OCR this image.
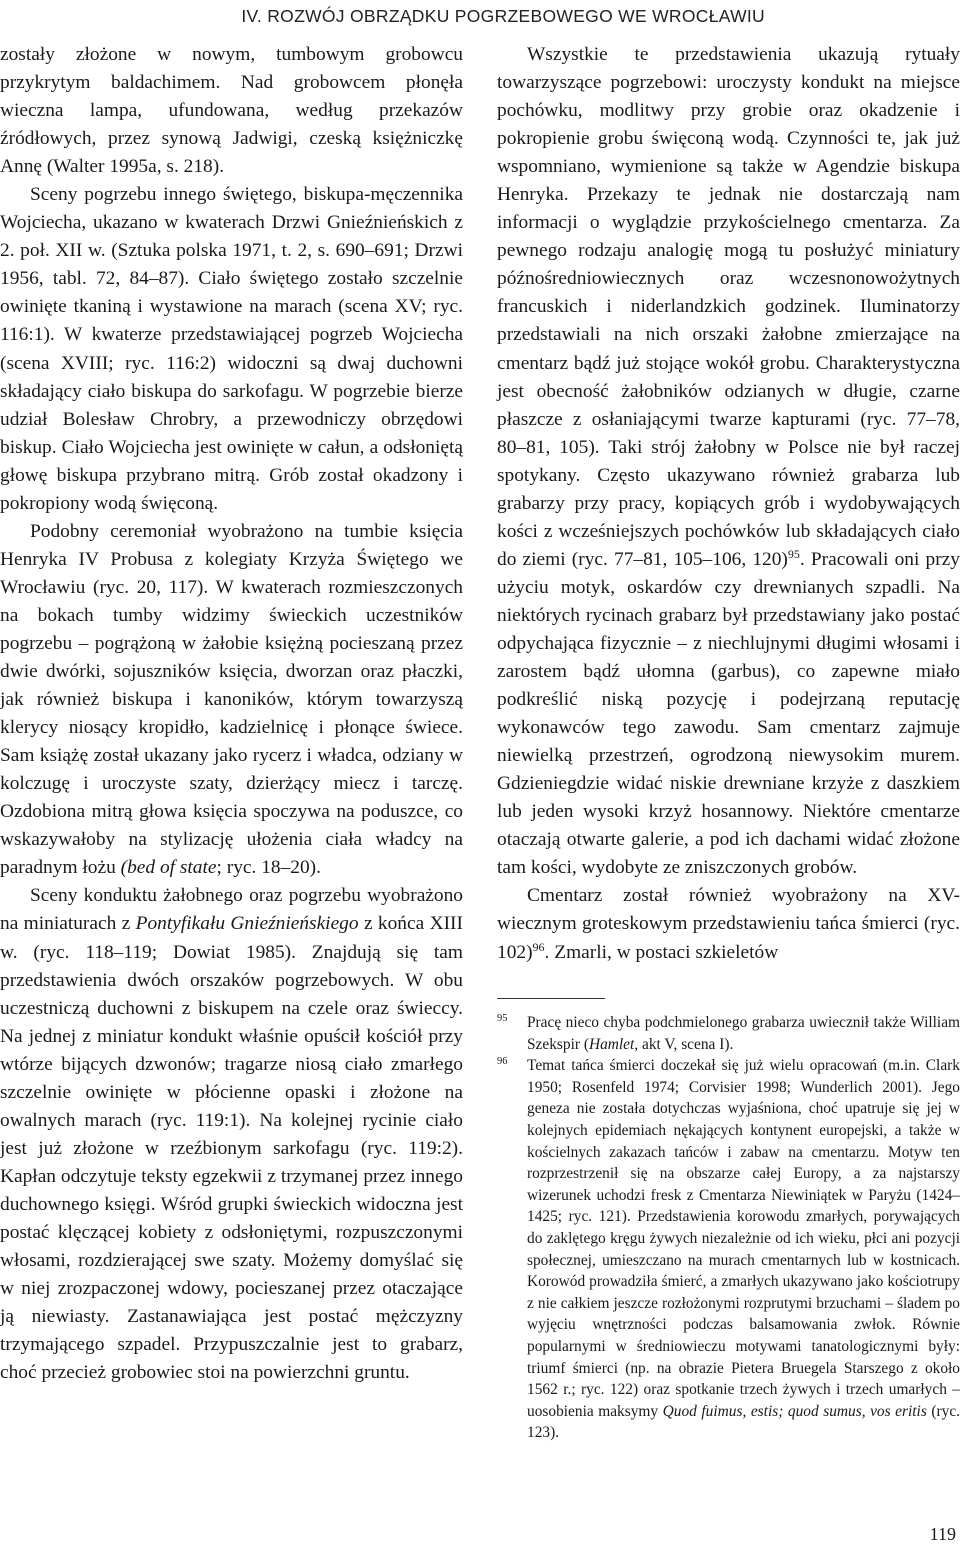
IV. ROZWÓJ OBRZĄDKU POGRZEBOWEGO WE WROCŁAWIU

zostały złożone w nowym, tumbowym grobowcu przykrytym baldachimem. Nad grobowcem płonęła wieczna lampa, ufundowana, według przekazów źródłowych, przez synową Jadwigi, czeską księżniczkę Annę (Walter 1995a, s. 218).

Sceny pogrzebu innego świętego, biskupa-męczennika Wojciecha, ukazano w kwaterach Drzwi Gnieźnieńskich z 2. poł. XII w. (Sztuka polska 1971, t. 2, s. 690–691; Drzwi 1956, tabl. 72, 84–87). Ciało świętego zostało szczelnie owinięte tkaniną i wystawione na marach (scena XV; ryc. 116:1). W kwaterze przedstawiającej pogrzeb Wojciecha (scena XVIII; ryc. 116:2) widoczni są dwaj duchowni składający ciało biskupa do sarkofagu. W pogrzebie bierze udział Bolesław Chrobry, a przewodniczy obrzędowi biskup. Ciało Wojciecha jest owinięte w całun, a odsłoniętą głowę biskupa przybrano mitrą. Grób został okadzony i pokropiony wodą święconą.

Podobny ceremoniał wyobrażono na tumbie księcia Henryka IV Probusa z kolegiaty Krzyża Świętego we Wrocławiu (ryc. 20, 117). W kwaterach rozmieszczonych na bokach tumby widzimy świeckich uczestników pogrzebu – pogrążoną w żałobie księżną pocieszaną przez dwie dwórki, sojuszników księcia, dworzan oraz płaczki, jak również biskupa i kanoników, którym towarzyszą klerycy niosący kropidło, kadzielnicę i płonące świece. Sam książę został ukazany jako rycerz i władca, odziany w kolczugę i uroczyste szaty, dzierżący miecz i tarczę. Ozdobiona mitrą głowa księcia spoczywa na poduszce, co wskazywałoby na stylizację ułożenia ciała władcy na paradnym łożu (bed of state; ryc. 18–20).

Sceny konduktu żałobnego oraz pogrzebu wyobrażono na miniaturach z Pontyfikału Gnieźnieńskiego z końca XIII w. (ryc. 118–119; Dowiat 1985). Znajdują się tam przedstawienia dwóch orszaków pogrzebowych. W obu uczestniczą duchowni z biskupem na czele oraz świeccy. Na jednej z miniatur kondukt właśnie opuścił kościół przy wtórze bijących dzwonów; tragarze niosą ciało zmarłego szczelnie owinięte w płócienne opaski i złożone na owalnych marach (ryc. 119:1). Na kolejnej rycinie ciało jest już złożone w rzeźbionym sarkofagu (ryc. 119:2). Kapłan odczytuje teksty egzekwii z trzymanej przez innego duchownego księgi. Wśród grupki świeckich widoczna jest postać klęczącej kobiety z odsłoniętymi, rozpuszczonymi włosami, rozdzierającej swe szaty. Możemy domyślać się w niej zrozpaczonej wdowy, pocieszanej przez otaczające ją niewiasty. Zastanawiająca jest postać mężczyzny trzymającego szpadel. Przypuszczalnie jest to grabarz, choć przecież grobowiec stoi na powierzchni gruntu.

Wszystkie te przedstawienia ukazują rytuały towarzyszące pogrzebowi: uroczysty kondukt na miejsce pochówku, modlitwy przy grobie oraz okadzenie i pokropienie grobu święconą wodą. Czynności te, jak już wspomniano, wymienione są także w Agendzie biskupa Henryka. Przekazy te jednak nie dostarczają nam informacji o wyglądzie przykościelnego cmentarza. Za pewnego rodzaju analogię mogą tu posłużyć miniatury późnośredniowiecznych oraz wczesnonowożytnych francuskich i niderlandzkich godzinek. Iluminatorzy przedstawiali na nich orszaki żałobne zmierzające na cmentarz bądź już stojące wokół grobu. Charakterystyczna jest obecność żałobników odzianych w długie, czarne płaszcze z osłaniającymi twarze kapturami (ryc. 77–78, 80–81, 105). Taki strój żałobny w Polsce nie był raczej spotykany. Często ukazywano również grabarza lub grabarzy przy pracy, kopiących grób i wydobywających kości z wcześniejszych pochówków lub składających ciało do ziemi (ryc. 77–81, 105–106, 120)$^{95}$. Pracowali oni przy użyciu motyk, oskardów czy drewnianych szpadli. Na niektórych rycinach grabarz był przedstawiany jako postać odpychająca fizycznie – z niechlujnymi długimi włosami i zarostem bądź ułomna (garbus), co zapewne miało podkreślić niską pozycję i podejrzaną reputację wykonawców tego zawodu. Sam cmentarz zajmuje niewielką przestrzeń, ogrodzoną niewysokim murem. Gdzieniegdzie widać niskie drewniane krzyże z daszkiem lub jeden wysoki krzyż hosannowy. Niektóre cmentarze otaczają otwarte galerie, a pod ich dachami widać złożone tam kości, wydobyte ze zniszczonych grobów.

Cmentarz został również wyobrażony na XV-wiecznym groteskowym przedstawieniu tańca śmierci (ryc. 102)$^{96}$. Zmarli, w postaci szkieletów

95 Pracę nieco chyba podchmielonego grabarza uwiecznił także William Szekspir (Hamlet, akt V, scena I).
96 Temat tańca śmierci doczekał się już wielu opracowań (m.in. Clark 1950; Rosenfeld 1974; Corvisier 1998; Wunderlich 2001). Jego geneza nie została dotychczas wyjaśniona, choć upatruje się jej w kolejnych epidemiach nękających kontynent europejski, a także w kościelnych zakazach tańców i zabaw na cmentarzu. Motyw ten rozprzestrzenił się na obszarze całej Europy, a za najstarszy wizerunek uchodzi fresk z Cmentarza Niewiniątek w Paryżu (1424–1425; ryc. 121). Przedstawienia korowodu zmarłych, porywających do zaklętego kręgu żywych niezależnie od ich wieku, płci ani pozycji społecznej, umieszczano na murach cmentarnych lub w kostnicach. Korowód prowadziła śmierć, a zmarłych ukazywano jako kościotrupy z nie całkiem jeszcze rozłożonymi rozprutymi brzuchami – śladem po wyjęciu wnętrzności podczas balsamowania zwłok. Równie popularnymi w średniowieczu motywami tanatologicznymi były: triumf śmierci (np. na obrazie Pietera Bruegela Starszego z około 1562 r.; ryc. 122) oraz spotkanie trzech żywych i trzech umarłych – uosobienia maksymy Quod fuimus, estis; quod sumus, vos eritis (ryc. 123).
119
